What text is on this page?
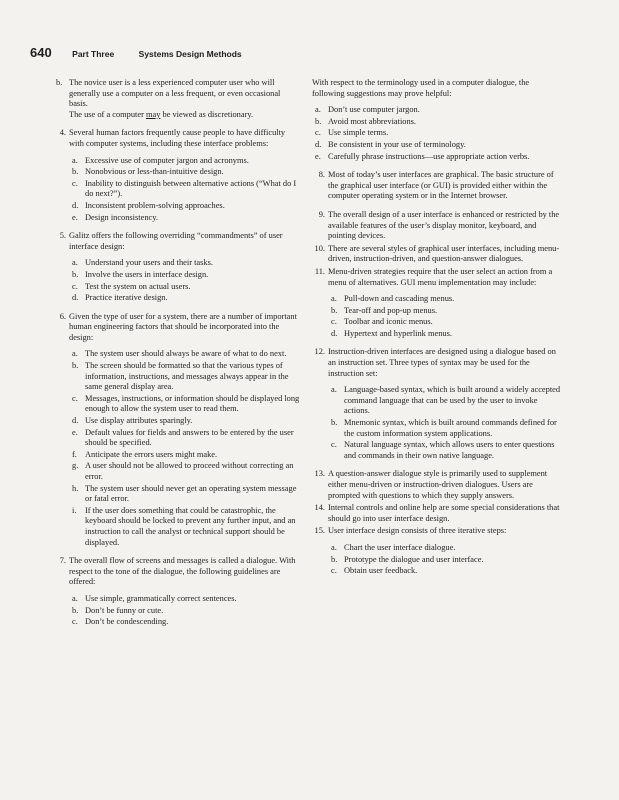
640 Part Three	Systems Design Methods
b. The novice user is a less experienced computer user who will generally use a computer on a less frequent, or even occasional basis.
The use of a computer may be viewed as discretionary.
4. Several human factors frequently cause people to have difficulty with computer systems, including these interface problems:
a. Excessive use of computer jargon and acronyms.
b. Nonobvious or less-than-intuitive design.
c. Inability to distinguish between alternative actions (“What do I do next?”).
d. Inconsistent problem-solving approaches.
e. Design inconsistency.
5. Galitz offers the following overriding “commandments” of user interface design:
a. Understand your users and their tasks.
b. Involve the users in interface design.
c. Test the system on actual users.
d. Practice iterative design.
6. Given the type of user for a system, there are a number of important human engineering factors that should be incorporated into the design:
a. The system user should always be aware of what to do next.
b. The screen should be formatted so that the various types of information, instructions, and messages always appear in the same general display area.
c. Messages, instructions, or information should be displayed long enough to allow the system user to read them.
d. Use display attributes sparingly.
e. Default values for fields and answers to be entered by the user should be specified.
f. Anticipate the errors users might make.
g. A user should not be allowed to proceed without correcting an error.
h. The system user should never get an operating system message or fatal error.
i. If the user does something that could be catastrophic, the keyboard should be locked to prevent any further input, and an instruction to call the analyst or technical support should be displayed.
7. The overall flow of screens and messages is called a dialogue. With respect to the tone of the dialogue, the following guidelines are offered:
a. Use simple, grammatically correct sentences.
b. Don’t be funny or cute.
c. Don’t be condescending.
With respect to the terminology used in a computer dialogue, the following suggestions may prove helpful:
a. Don’t use computer jargon.
b. Avoid most abbreviations.
c. Use simple terms.
d. Be consistent in your use of terminology.
e. Carefully phrase instructions—use appropriate action verbs.
8. Most of today’s user interfaces are graphical. The basic structure of the graphical user interface (or GUI) is provided either within the computer operating system or in the Internet browser.
9. The overall design of a user interface is enhanced or restricted by the available features of the user’s display monitor, keyboard, and pointing devices.
10. There are several styles of graphical user interfaces, including menu-driven, instruction-driven, and question-answer dialogues.
11. Menu-driven strategies require that the user select an action from a menu of alternatives. GUI menu implementation may include:
a. Pull-down and cascading menus.
b. Tear-off and pop-up menus.
c. Toolbar and iconic menus.
d. Hypertext and hyperlink menus.
12. Instruction-driven interfaces are designed using a dialogue based on an instruction set. Three types of syntax may be used for the instruction set:
a. Language-based syntax, which is built around a widely accepted command language that can be used by the user to invoke actions.
b. Mnemonic syntax, which is built around commands defined for the custom information system applications.
c. Natural language syntax, which allows users to enter questions and commands in their own native language.
13. A question-answer dialogue style is primarily used to supplement either menu-driven or instruction-driven dialogues. Users are prompted with questions to which they supply answers.
14. Internal controls and online help are some special considerations that should go into user interface design.
15. User interface design consists of three iterative steps:
a. Chart the user interface dialogue.
b. Prototype the dialogue and user interface.
c. Obtain user feedback.
